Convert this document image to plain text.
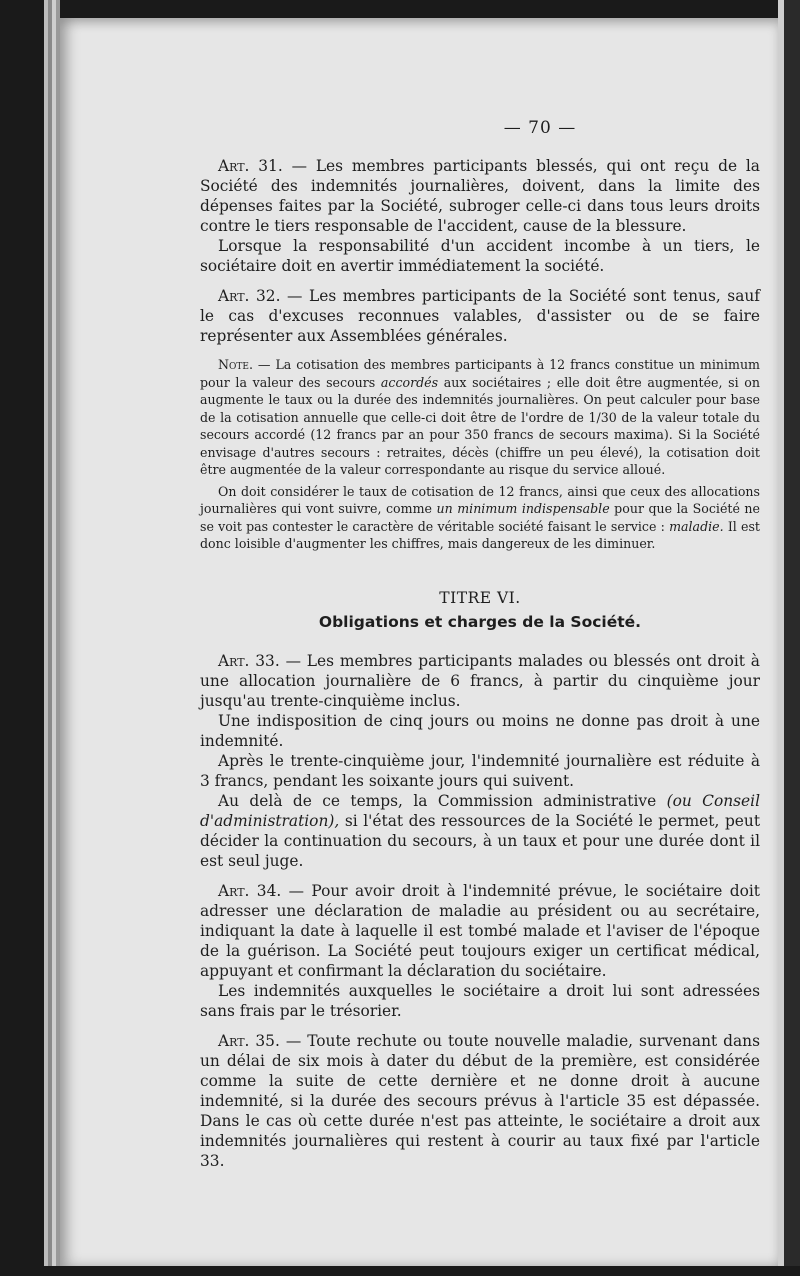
— 70 —

Art. 31. — Les membres participants blessés, qui ont reçu de la Société des indemnités journalières, doivent, dans la limite des dépenses faites par la Société, subroger celle-ci dans tous leurs droits contre le tiers responsable de l'accident, cause de la blessure.

Lorsque la responsabilité d'un accident incombe à un tiers, le sociétaire doit en avertir immédiatement la société.

Art. 32. — Les membres participants de la Société sont tenus, sauf le cas d'excuses reconnues valables, d'assister ou de se faire représenter aux Assemblées générales.

Note. — La cotisation des membres participants à 12 francs constitue un minimum pour la valeur des secours accordés aux sociétaires ; elle doit être augmentée, si on augmente le taux ou la durée des indemnités journalières. On peut calculer pour base de la cotisation annuelle que celle-ci doit être de l'ordre de 1/30 de la valeur totale du secours accordé (12 francs par an pour 350 francs de secours maxima). Si la Société envisage d'autres secours : retraites, décès (chiffre un peu élevé), la cotisation doit être augmentée de la valeur correspondante au risque du service alloué.

On doit considérer le taux de cotisation de 12 francs, ainsi que ceux des allocations journalières qui vont suivre, comme un minimum indispensable pour que la Société ne se voit pas contester le caractère de véritable société faisant le service : maladie. Il est donc loisible d'augmenter les chiffres, mais dangereux de les diminuer.

TITRE VI.
Obligations et charges de la Société.

Art. 33. — Les membres participants malades ou blessés ont droit à une allocation journalière de 6 francs, à partir du cinquième jour jusqu'au trente-cinquième inclus.

Une indisposition de cinq jours ou moins ne donne pas droit à une indemnité.

Après le trente-cinquième jour, l'indemnité journalière est réduite à 3 francs, pendant les soixante jours qui suivent.

Au delà de ce temps, la Commission administrative (ou Conseil d'administration), si l'état des ressources de la Société le permet, peut décider la continuation du secours, à un taux et pour une durée dont il est seul juge.

Art. 34. — Pour avoir droit à l'indemnité prévue, le sociétaire doit adresser une déclaration de maladie au président ou au secrétaire, indiquant la date à laquelle il est tombé malade et l'aviser de l'époque de la guérison. La Société peut toujours exiger un certificat médical, appuyant et confirmant la déclaration du sociétaire.

Les indemnités auxquelles le sociétaire a droit lui sont adressées sans frais par le trésorier.

Art. 35. — Toute rechute ou toute nouvelle maladie, survenant dans un délai de six mois à dater du début de la première, est considérée comme la suite de cette dernière et ne donne droit à aucune indemnité, si la durée des secours prévus à l'article 35 est dépassée. Dans le cas où cette durée n'est pas atteinte, le sociétaire a droit aux indemnités journalières qui restent à courir au taux fixé par l'article 33.
